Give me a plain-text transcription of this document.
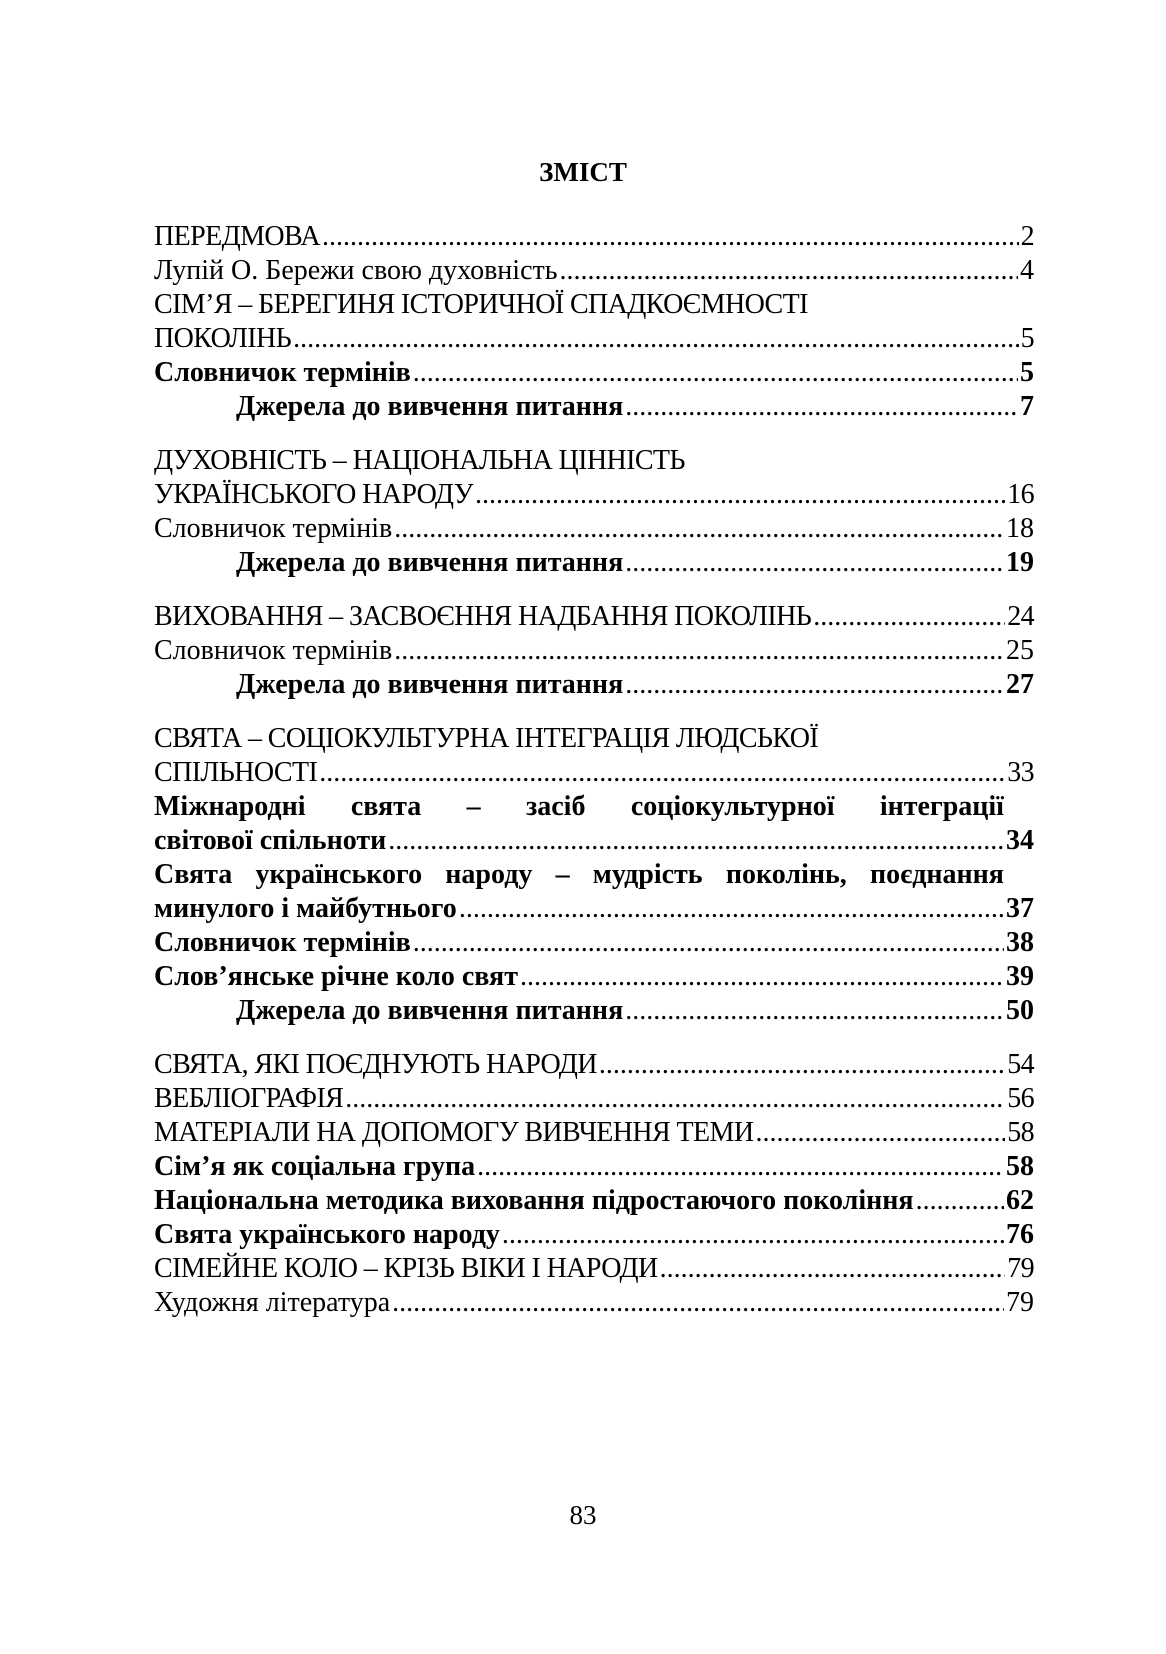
ЗМІСТ
ПЕРЕДМОВА .....	2
Лупій О. Бережи свою духовність .....	4
СІМ’Я – БЕРЕГИНЯ ІСТОРИЧНОЇ СПАДКОЄМНОСТІ
ПОКОЛІНЬ .....	5
Словничок термінів .....	5
Джерела до вивчення питання .....	7
ДУХОВНІСТЬ – НАЦІОНАЛЬНА ЦІННІСТЬ
УКРАЇНСЬКОГО НАРОДУ .....	16
Словничок термінів .....	18
Джерела до вивчення питання .....	19
ВИХОВАННЯ – ЗАСВОЄННЯ НАДБАННЯ ПОКОЛІНЬ .....	24
Словничок термінів .....	25
Джерела до вивчення питання .....	27
СВЯТА – СОЦІОКУЛЬТУРНА ІНТЕГРАЦІЯ ЛЮДСЬКОЇ
СПІЛЬНОСТІ .....	33
Міжнародні свята – засіб соціокультурної інтеграції
світової спільноти .....	34
Свята українського народу – мудрість поколінь, поєднання
минулого і майбутнього .....	37
Словничок термінів .....	38
Слов’янське річне коло свят .....	39
Джерела до вивчення питання .....	50
СВЯТА, ЯКІ ПОЄДНУЮТЬ НАРОДИ .....	54
ВЕБЛІОГРАФІЯ .....	56
МАТЕРІАЛИ НА ДОПОМОГУ ВИВЧЕННЯ ТЕМИ .....	58
Сім’я як соціальна група .....	58
Національна методика виховання підростаючого покоління .....	62
Свята українського народу .....	76
СІМЕЙНЕ КОЛО – КРІЗЬ ВІКИ І НАРОДИ .....	79
Художня література .....	79
83
